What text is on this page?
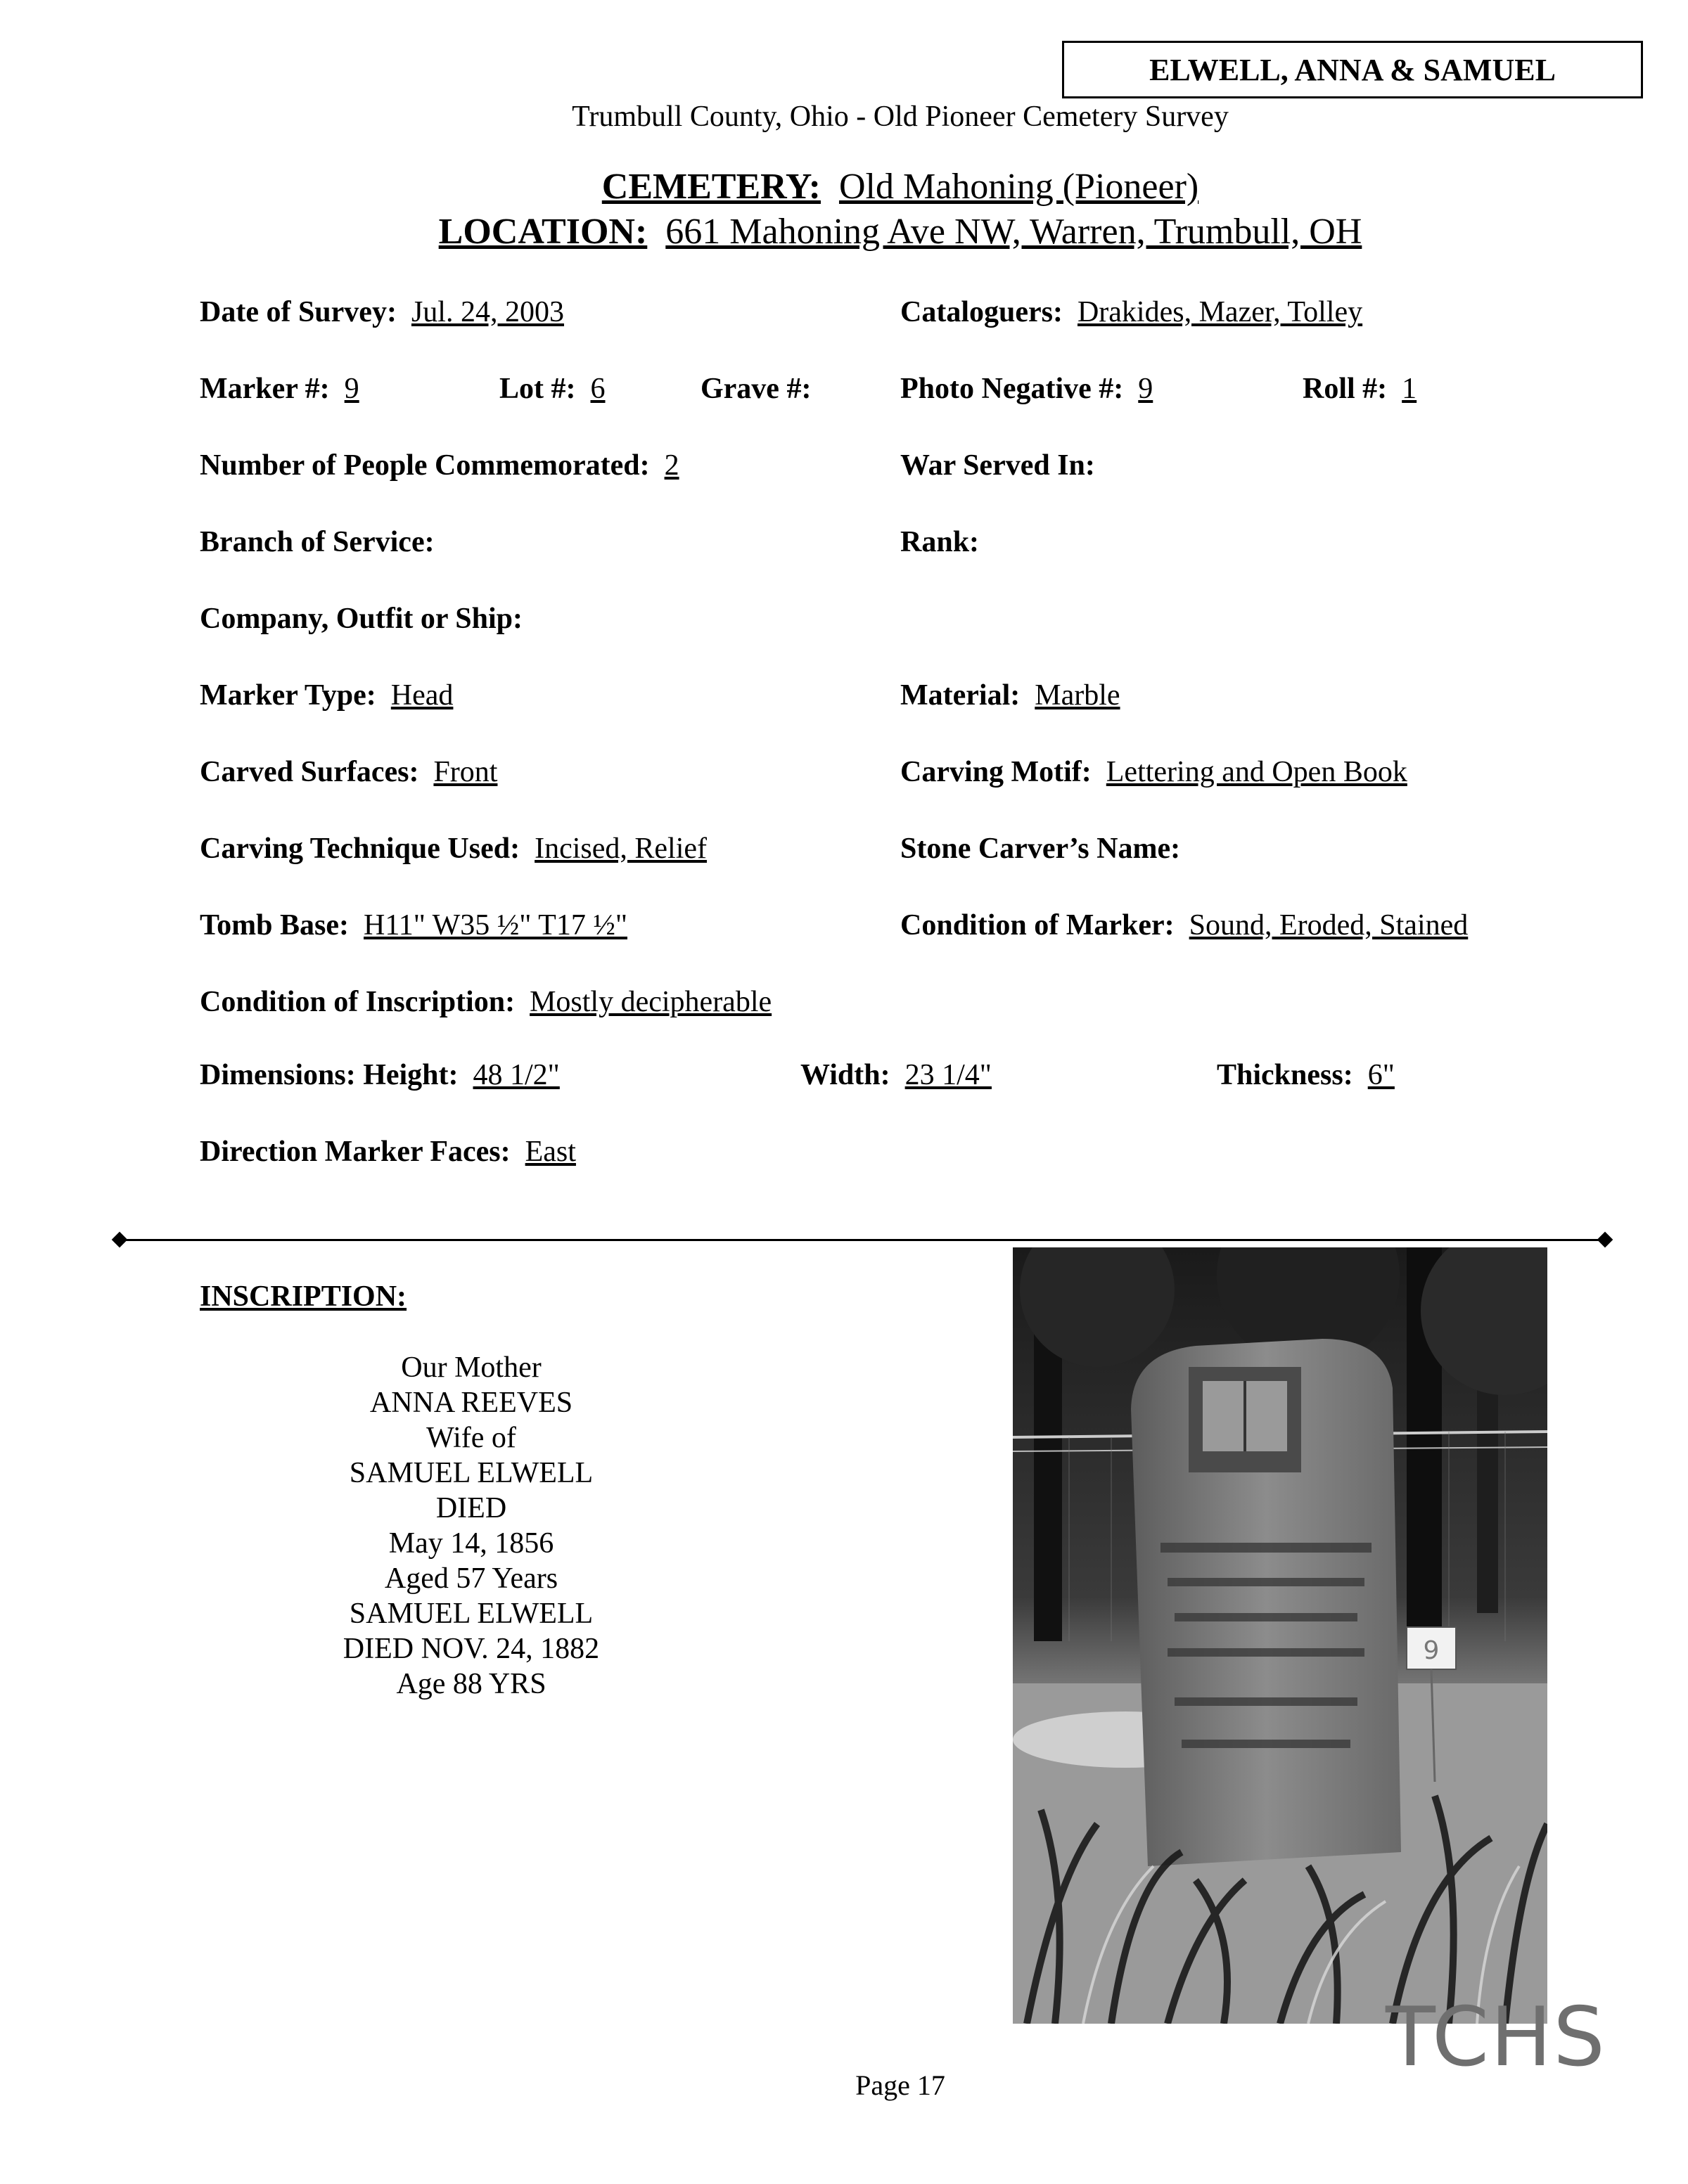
ELWELL, ANNA & SAMUEL
Trumbull County, Ohio - Old Pioneer Cemetery Survey
CEMETERY: Old Mahoning (Pioneer)
LOCATION: 661 Mahoning Ave NW, Warren, Trumbull, OH
Date of Survey: Jul. 24, 2003	Cataloguers: Drakides, Mazer, Tolley
Marker #: 9	Lot #: 6	Grave #:	Photo Negative #: 9	Roll #: 1
Number of People Commemorated: 2	War Served In:
Branch of Service:	Rank:
Company, Outfit or Ship:
Marker Type: Head	Material: Marble
Carved Surfaces: Front	Carving Motif: Lettering and Open Book
Carving Technique Used: Incised, Relief	Stone Carver’s Name:
Tomb Base: H11" W35 ½" T17 ½"	Condition of Marker: Sound, Eroded, Stained
Condition of Inscription: Mostly decipherable
Dimensions: Height: 48 1/2"	Width: 23 1/4"	Thickness: 6"
Direction Marker Faces: East
INSCRIPTION:
Our Mother
ANNA REEVES
Wife of
SAMUEL ELWELL
DIED
May 14, 1856
Aged 57 Years
SAMUEL ELWELL
DIED NOV. 24, 1882
Age 88 YRS
9
TCHS
Page 17
